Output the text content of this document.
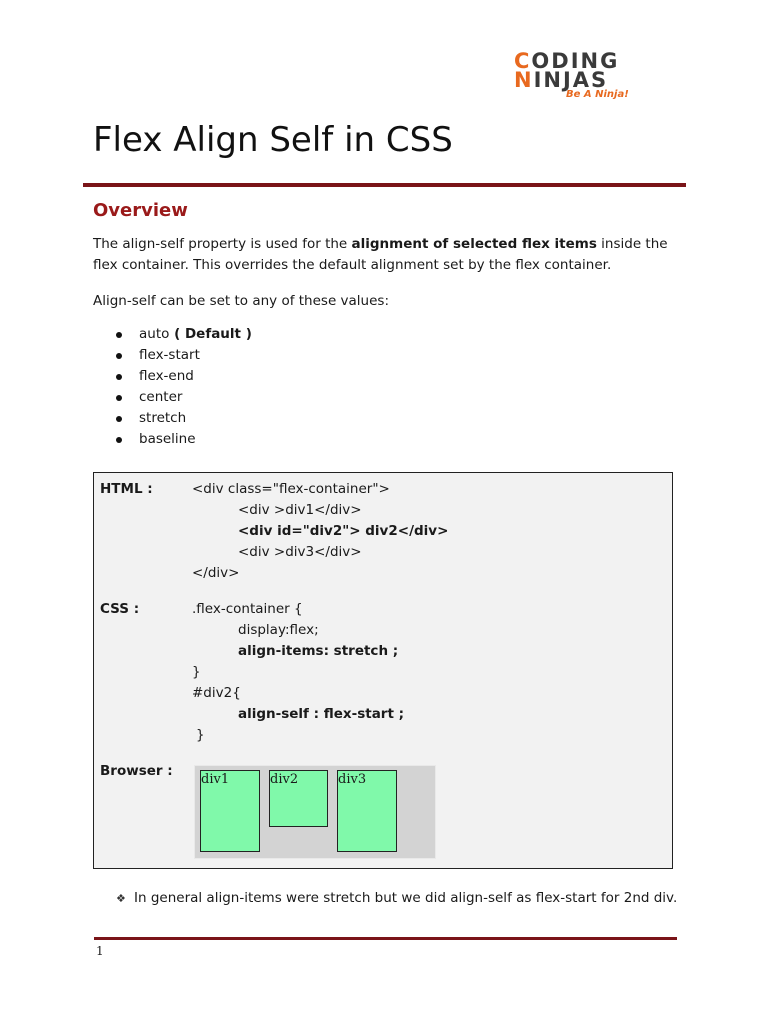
CODING
NINJAS
Be A Ninja!
Flex Align Self in CSS
Overview

The align-self property is used for the alignment of selected flex items inside the flex container. This overrides the default alignment set by the flex container.

Align-self can be set to any of these values:

auto ( Default )
flex-start
flex-end
center
stretch
baseline
HTML :	<div class="flex-container">
<div >div1</div>
<div id="div2"> div2</div>
<div >div3</div>
</div>
CSS :	.flex-container {
display:flex;
align-items: stretch ;
}
#div2{
align-self : flex-start ;
}
Browser :
div1	div2	div3
❖ In general align-items were stretch but we did align-self as flex-start for 2nd div.
1
